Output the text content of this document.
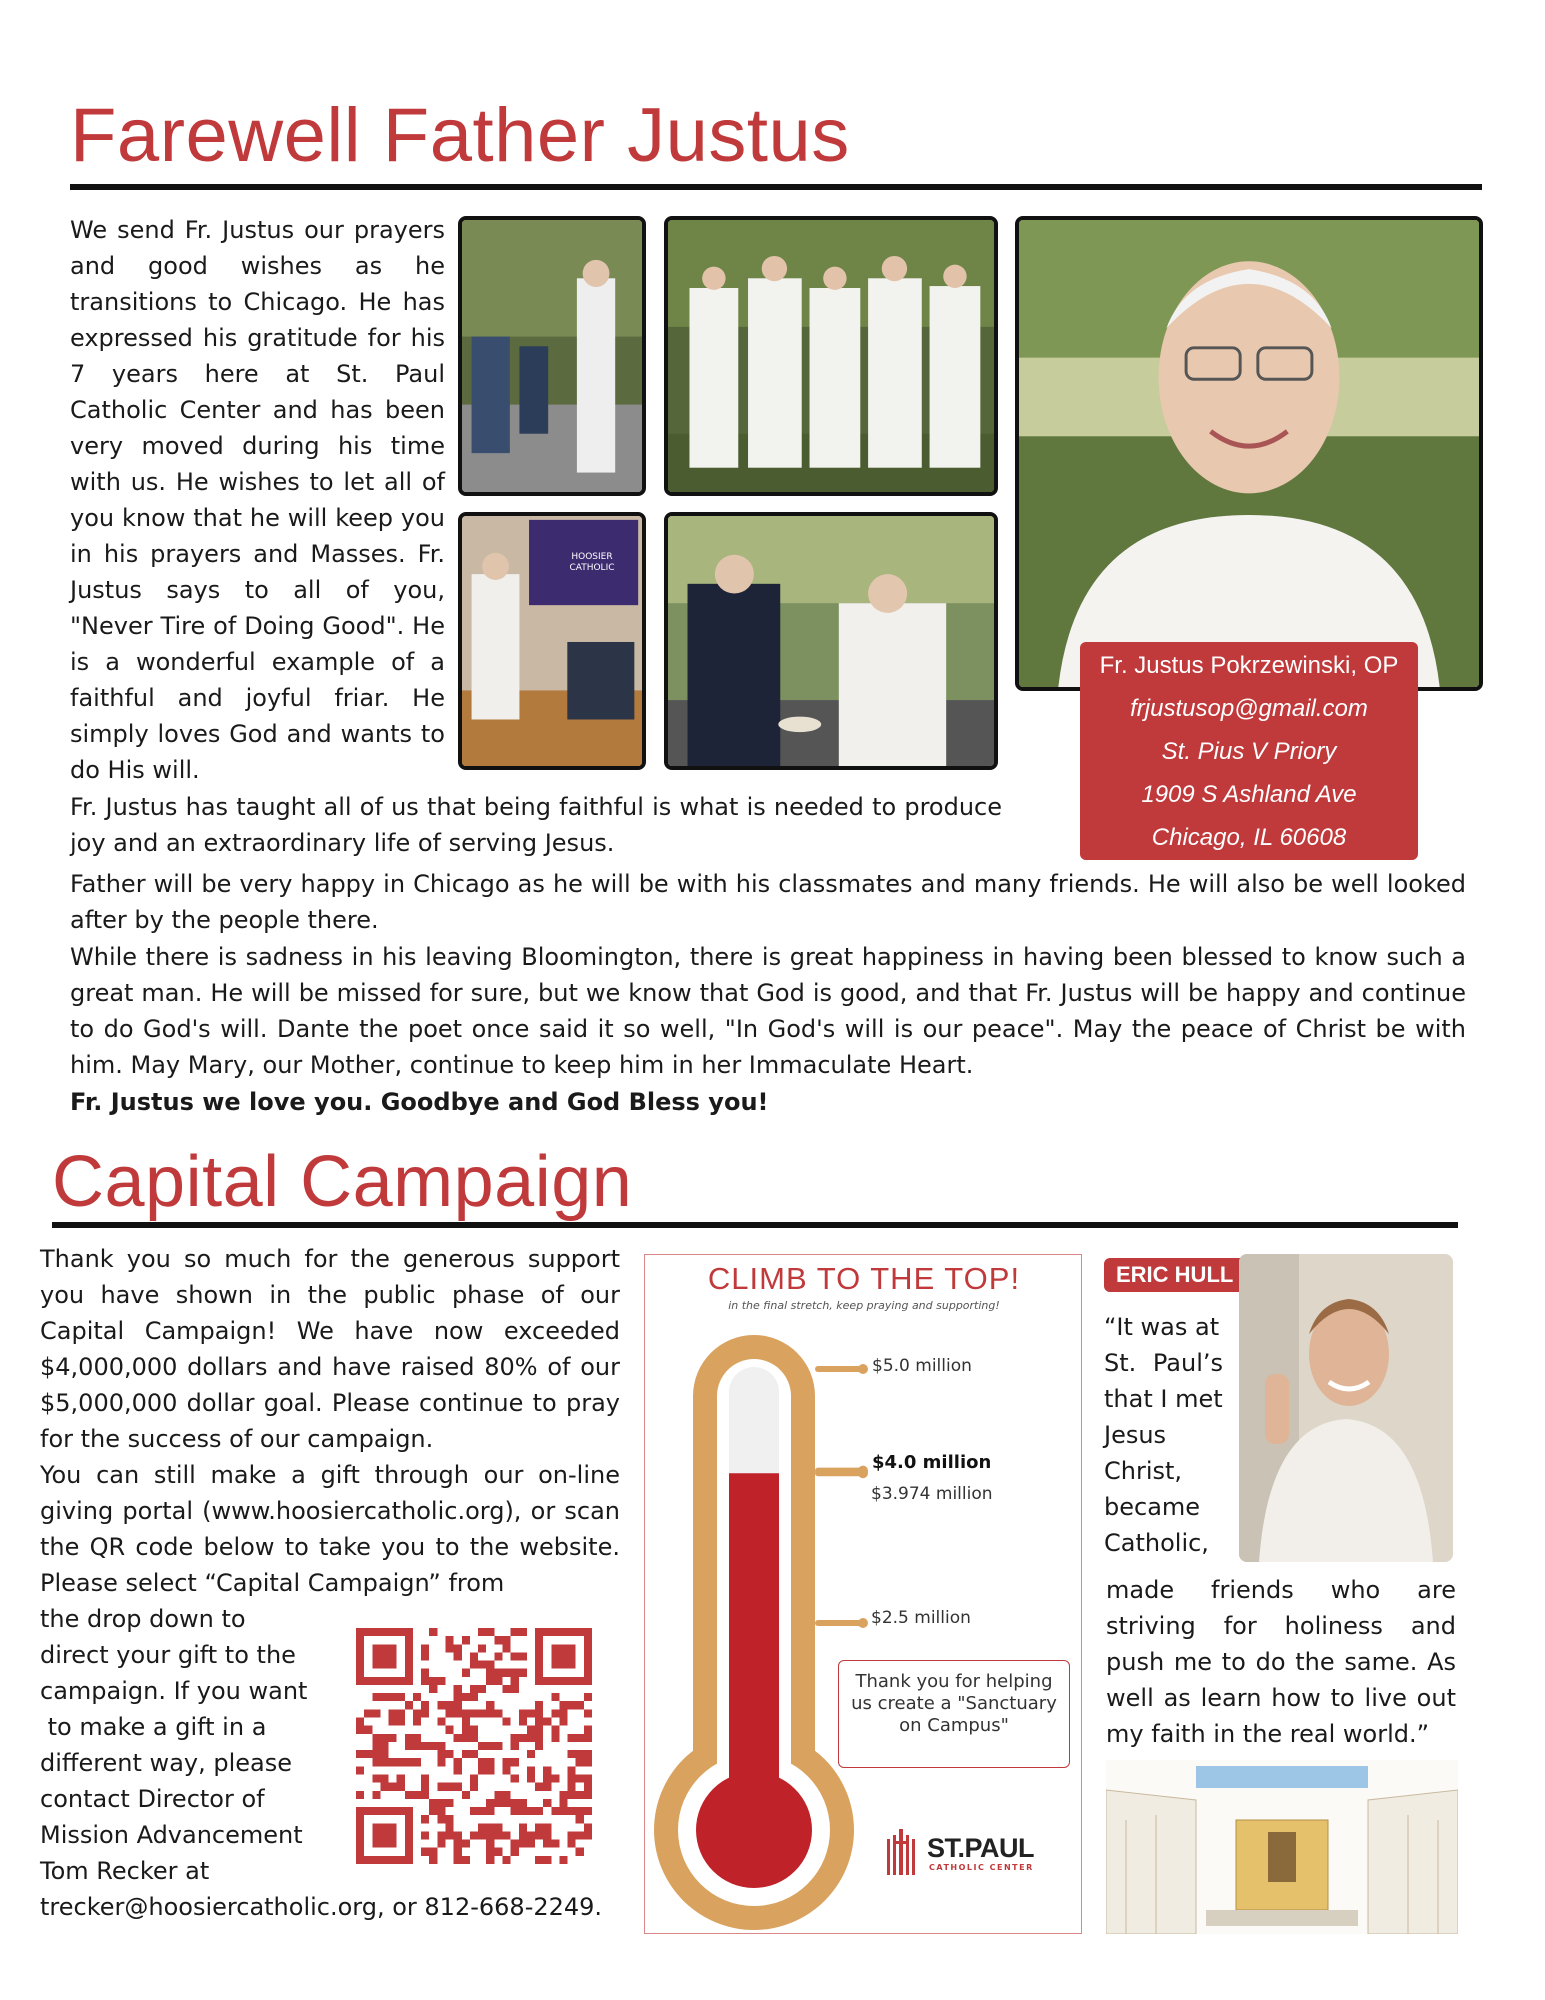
Farewell Father Justus

We send Fr. Justus our prayers and good wishes as he transitions to Chicago. He has expressed his gratitude for his 7 years here at St. Paul Catholic Center and has been very moved during his time with us. He wishes to let all of you know that he will keep you in his prayers and Masses. Fr. Justus says to all of you, "Never Tire of Doing Good". He is a wonderful example of a faithful and joyful friar. He simply loves God and wants to do His will.

HOOSIER CATHOLIC
Fr. Justus Pokrzewinski, OP
frjustusop@gmail.com
St. Pius V Priory
1909 S Ashland Ave
Chicago, IL 60608

Fr. Justus has taught all of us that being faithful is what is needed to produce joy and an extraordinary life of serving Jesus.

Father will be very happy in Chicago as he will be with his classmates and many friends. He will also be well looked after by the people there.

While there is sadness in his leaving Bloomington, there is great happiness in having been blessed to know such a great man. He will be missed for sure, but we know that God is good, and that Fr. Justus will be happy and continue to do God's will. Dante the poet once said it so well, "In God's will is our peace". May the peace of Christ be with him. May Mary, our Mother, continue to keep him in her Immaculate Heart.

Fr. Justus we love you. Goodbye and God Bless you!

Capital Campaign

Thank you so much for the generous support you have shown in the public phase of our Capital Campaign! We have now exceeded $4,000,000 dollars and have raised 80% of our $5,000,000 dollar goal. Please continue to pray for the success of our campaign.

You can still make a gift through our on-line giving portal (www.hoosiercatholic.org), or scan the QR code below to take you to the website. Please select “Capital Campaign” from

the drop down to
direct your gift to the
campaign. If you want
to make a gift in a
different way, please
contact Director of
Mission Advancement
Tom Recker at
trecker@hoosiercatholic.org, or 812-668-2249.
CLIMB TO THE TOP!
in the final stretch, keep praying and supporting!
$5.0 million
$4.0 million
$3.974 million
$2.5 million
Thank you for helping us create a "Sanctuary on Campus"
ST.PAUL
CATHOLIC CENTER
ERIC HULL
“It was at
St. Paul’s
that I met
Jesus
Christ,
became
Catholic,

made friends who are striving for holiness and push me to do the same. As well as learn how to live out my faith in the real world.”
